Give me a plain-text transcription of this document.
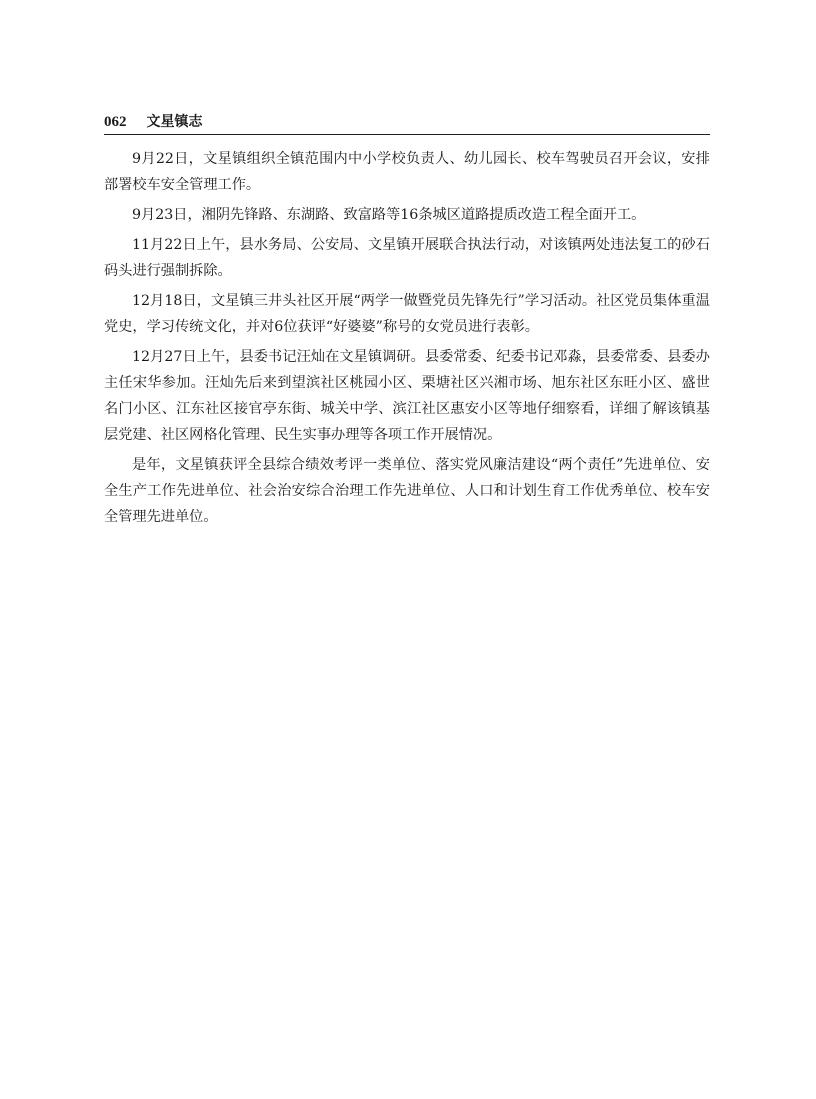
062 文星镇志

9月22日，文星镇组织全镇范围内中小学校负责人、幼儿园长、校车驾驶员召开会议，安排部署校车安全管理工作。

9月23日，湘阴先锋路、东湖路、致富路等16条城区道路提质改造工程全面开工。

11月22日上午，县水务局、公安局、文星镇开展联合执法行动，对该镇两处违法复工的砂石码头进行强制拆除。

12月18日，文星镇三井头社区开展“两学一做暨党员先锋先行”学习活动。社区党员集体重温党史，学习传统文化，并对6位获评“好婆婆”称号的女党员进行表彰。

12月27日上午，县委书记汪灿在文星镇调研。县委常委、纪委书记邓淼，县委常委、县委办主任宋华参加。汪灿先后来到望滨社区桃园小区、栗塘社区兴湘市场、旭东社区东旺小区、盛世名门小区、江东社区接官亭东街、城关中学、滨江社区惠安小区等地仔细察看，详细了解该镇基层党建、社区网格化管理、民生实事办理等各项工作开展情况。

是年，文星镇获评全县综合绩效考评一类单位、落实党风廉洁建设“两个责任”先进单位、安全生产工作先进单位、社会治安综合治理工作先进单位、人口和计划生育工作优秀单位、校车安全管理先进单位。
